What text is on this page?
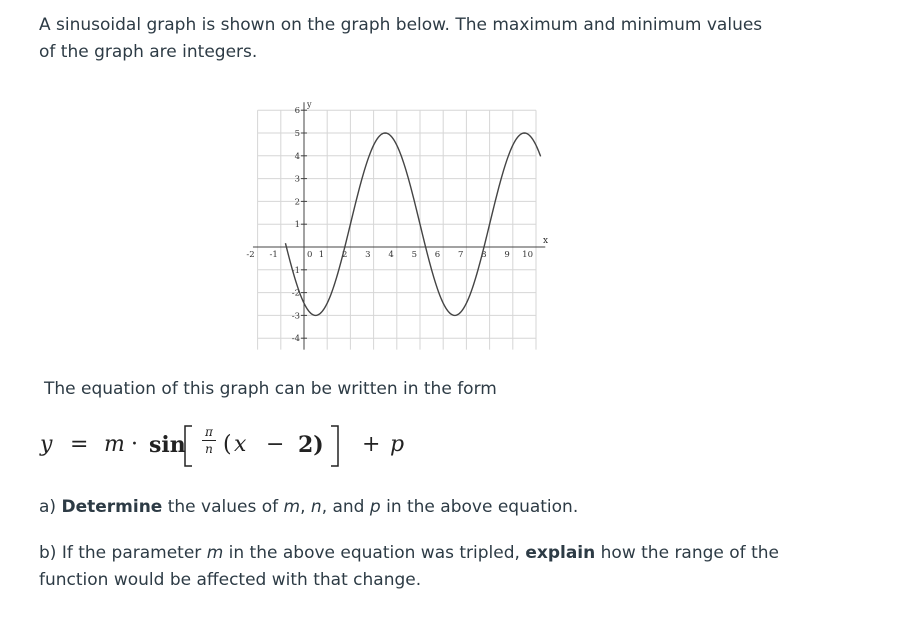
A sinusoidal graph is shown on the graph below. The maximum and minimum values
of the graph are integers.
-2 -1	0 1 2 3 4 5 6 7 8 9 10
6
5
4
3
2
1
-1
-2
-3
-4
x
y
The equation of this graph can be written in the form
y = m · sin π
n ( x − 2) + p
a) Determine the values of m, n, and p in the above equation.
b) If the parameter m in the above equation was tripled, explain how the range of the
function would be affected with that change.
